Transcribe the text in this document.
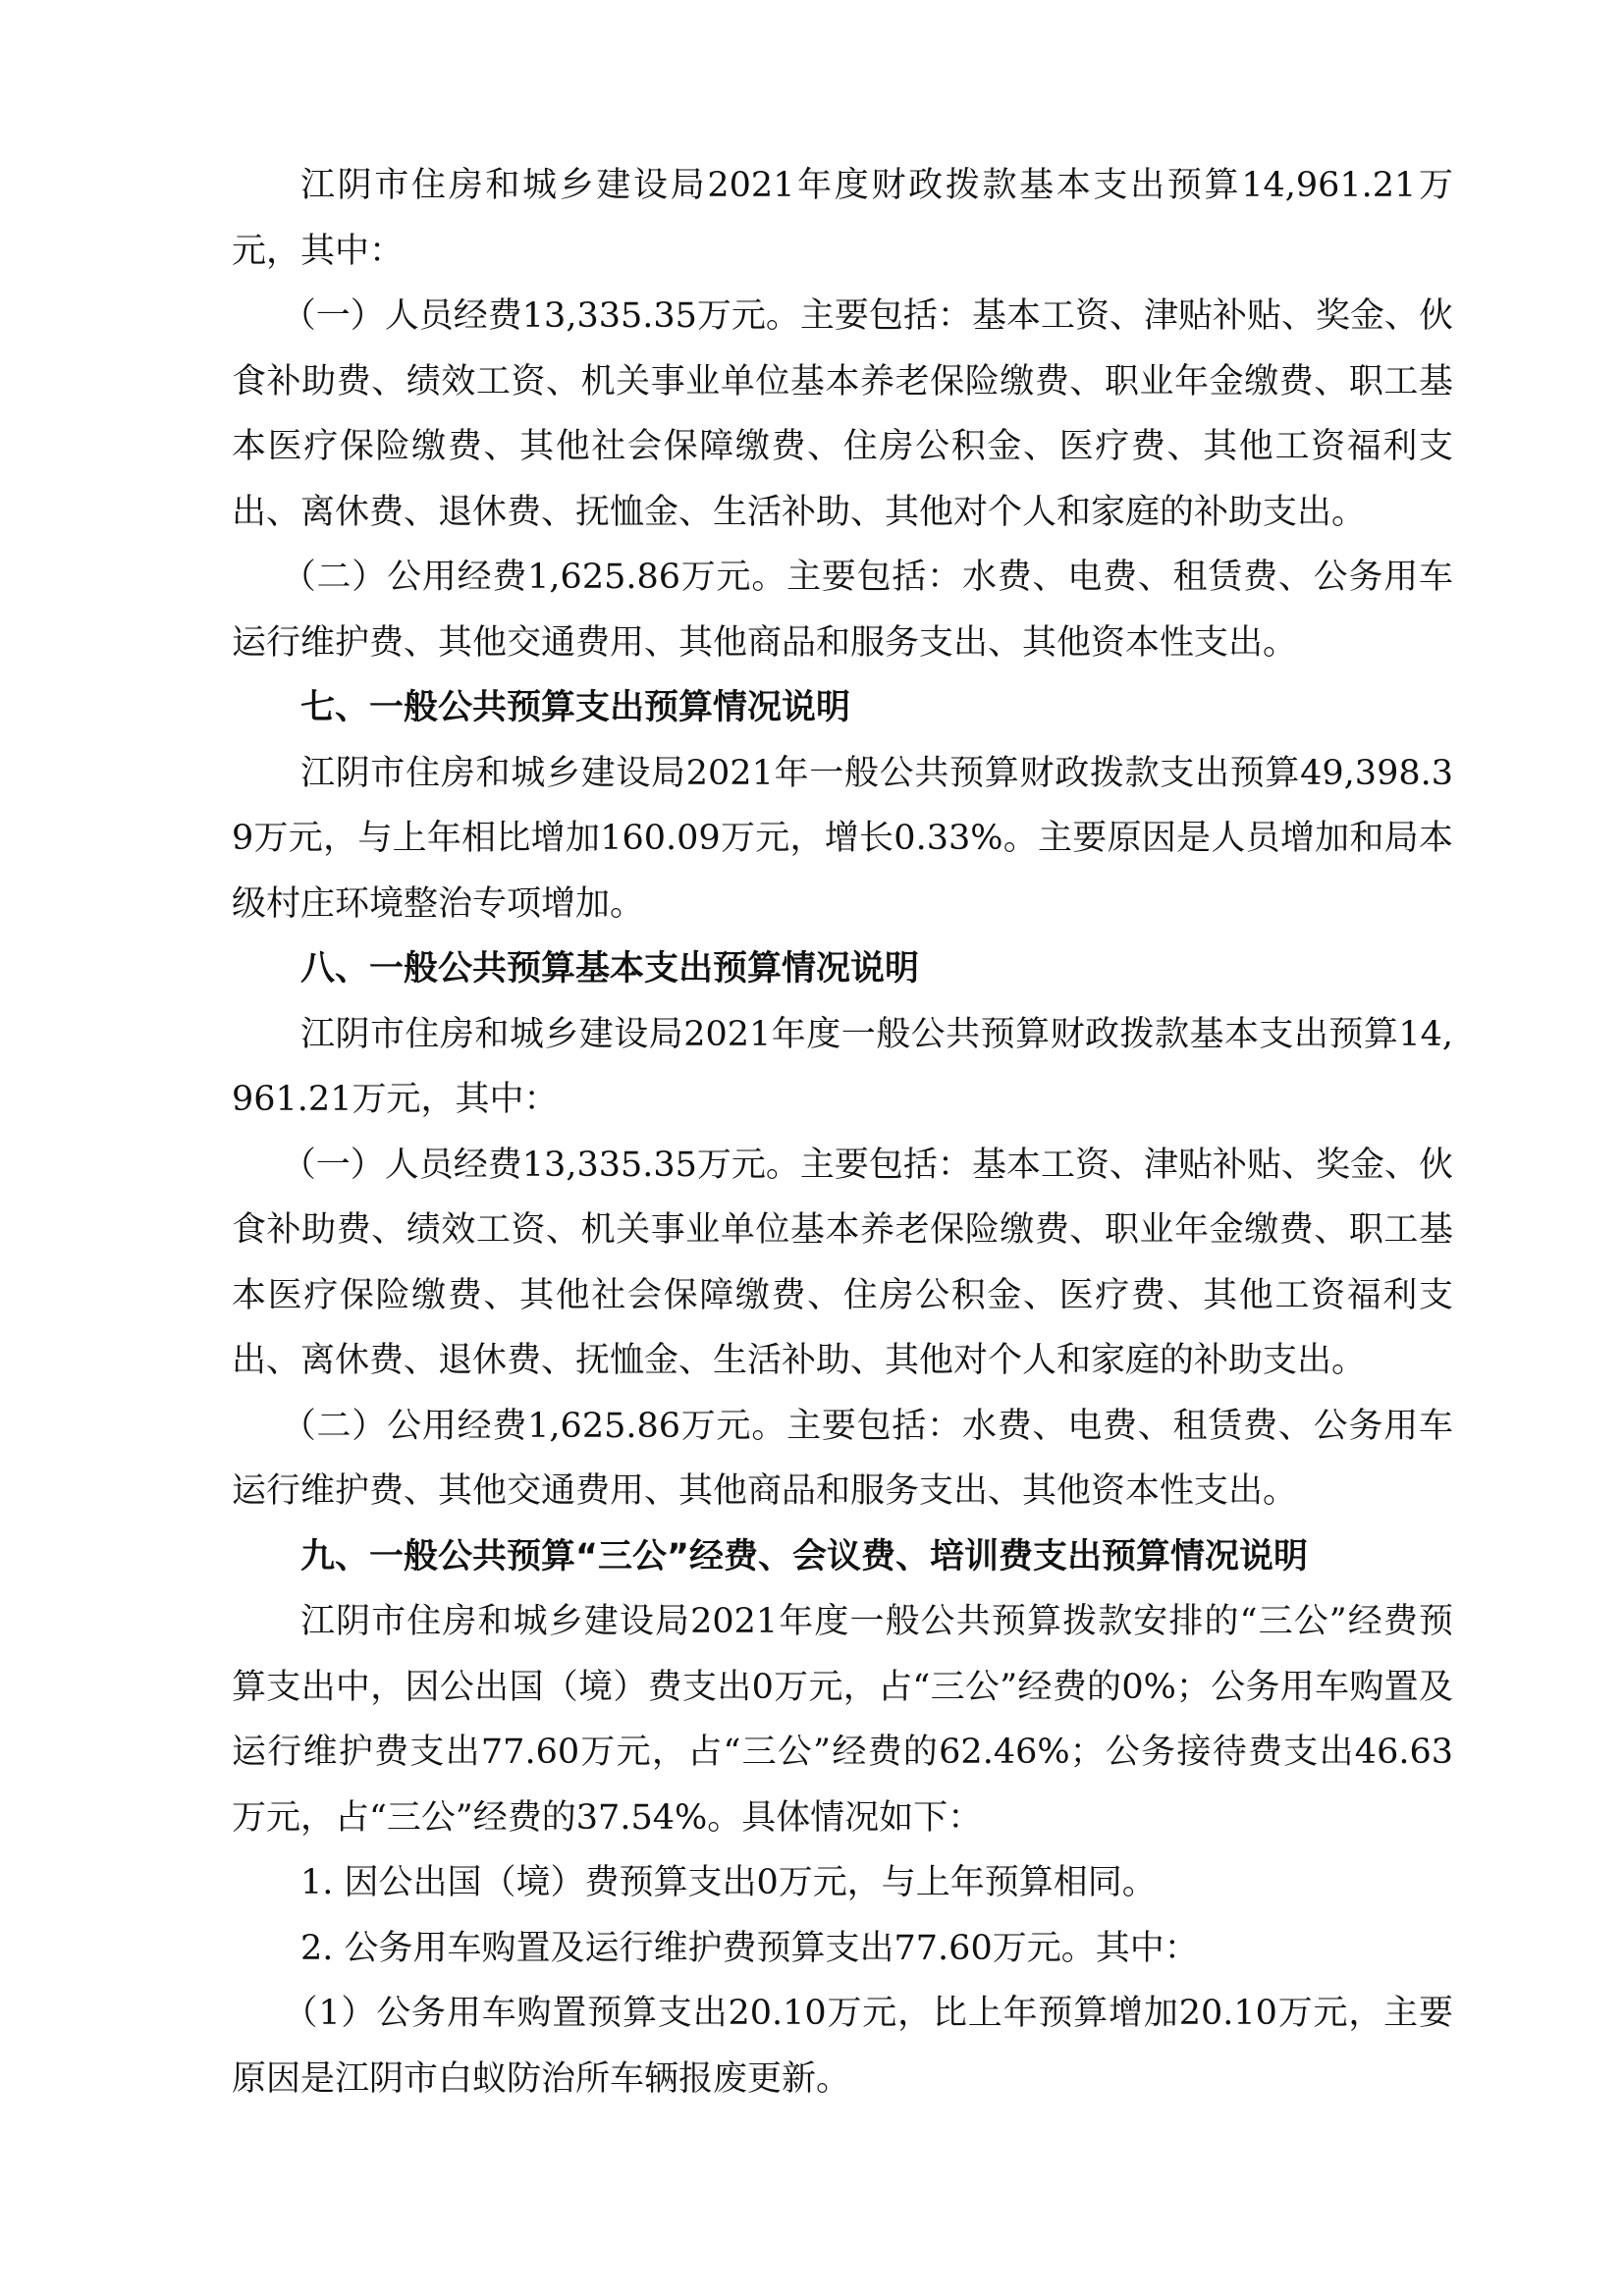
江阴市住房和城乡建设局2021年度财政拨款基本支出预算14,961.21万元，其中：

（一）人员经费13,335.35万元。主要包括：基本工资、津贴补贴、奖金、伙食补助费、绩效工资、机关事业单位基本养老保险缴费、职业年金缴费、职工基本医疗保险缴费、其他社会保障缴费、住房公积金、医疗费、其他工资福利支出、离休费、退休费、抚恤金、生活补助、其他对个人和家庭的补助支出。

（二）公用经费1,625.86万元。主要包括：水费、电费、租赁费、公务用车运行维护费、其他交通费用、其他商品和服务支出、其他资本性支出。

七、一般公共预算支出预算情况说明

江阴市住房和城乡建设局2021年一般公共预算财政拨款支出预算49,398.39万元，与上年相比增加160.09万元，增长0.33%。主要原因是人员增加和局本级村庄环境整治专项增加。

八、一般公共预算基本支出预算情况说明

江阴市住房和城乡建设局2021年度一般公共预算财政拨款基本支出预算14,961.21万元，其中：

（一）人员经费13,335.35万元。主要包括：基本工资、津贴补贴、奖金、伙食补助费、绩效工资、机关事业单位基本养老保险缴费、职业年金缴费、职工基本医疗保险缴费、其他社会保障缴费、住房公积金、医疗费、其他工资福利支出、离休费、退休费、抚恤金、生活补助、其他对个人和家庭的补助支出。

（二）公用经费1,625.86万元。主要包括：水费、电费、租赁费、公务用车运行维护费、其他交通费用、其他商品和服务支出、其他资本性支出。

九、一般公共预算“三公”经费、会议费、培训费支出预算情况说明

江阴市住房和城乡建设局2021年度一般公共预算拨款安排的“三公”经费预算支出中，因公出国（境）费支出0万元，占“三公”经费的0%；公务用车购置及运行维护费支出77.60万元，占“三公”经费的62.46%；公务接待费支出46.63万元，占“三公”经费的37.54%。具体情况如下：

1. 因公出国（境）费预算支出0万元，与上年预算相同。

2. 公务用车购置及运行维护费预算支出77.60万元。其中：

（1）公务用车购置预算支出20.10万元，比上年预算增加20.10万元，主要原因是江阴市白蚁防治所车辆报废更新。
